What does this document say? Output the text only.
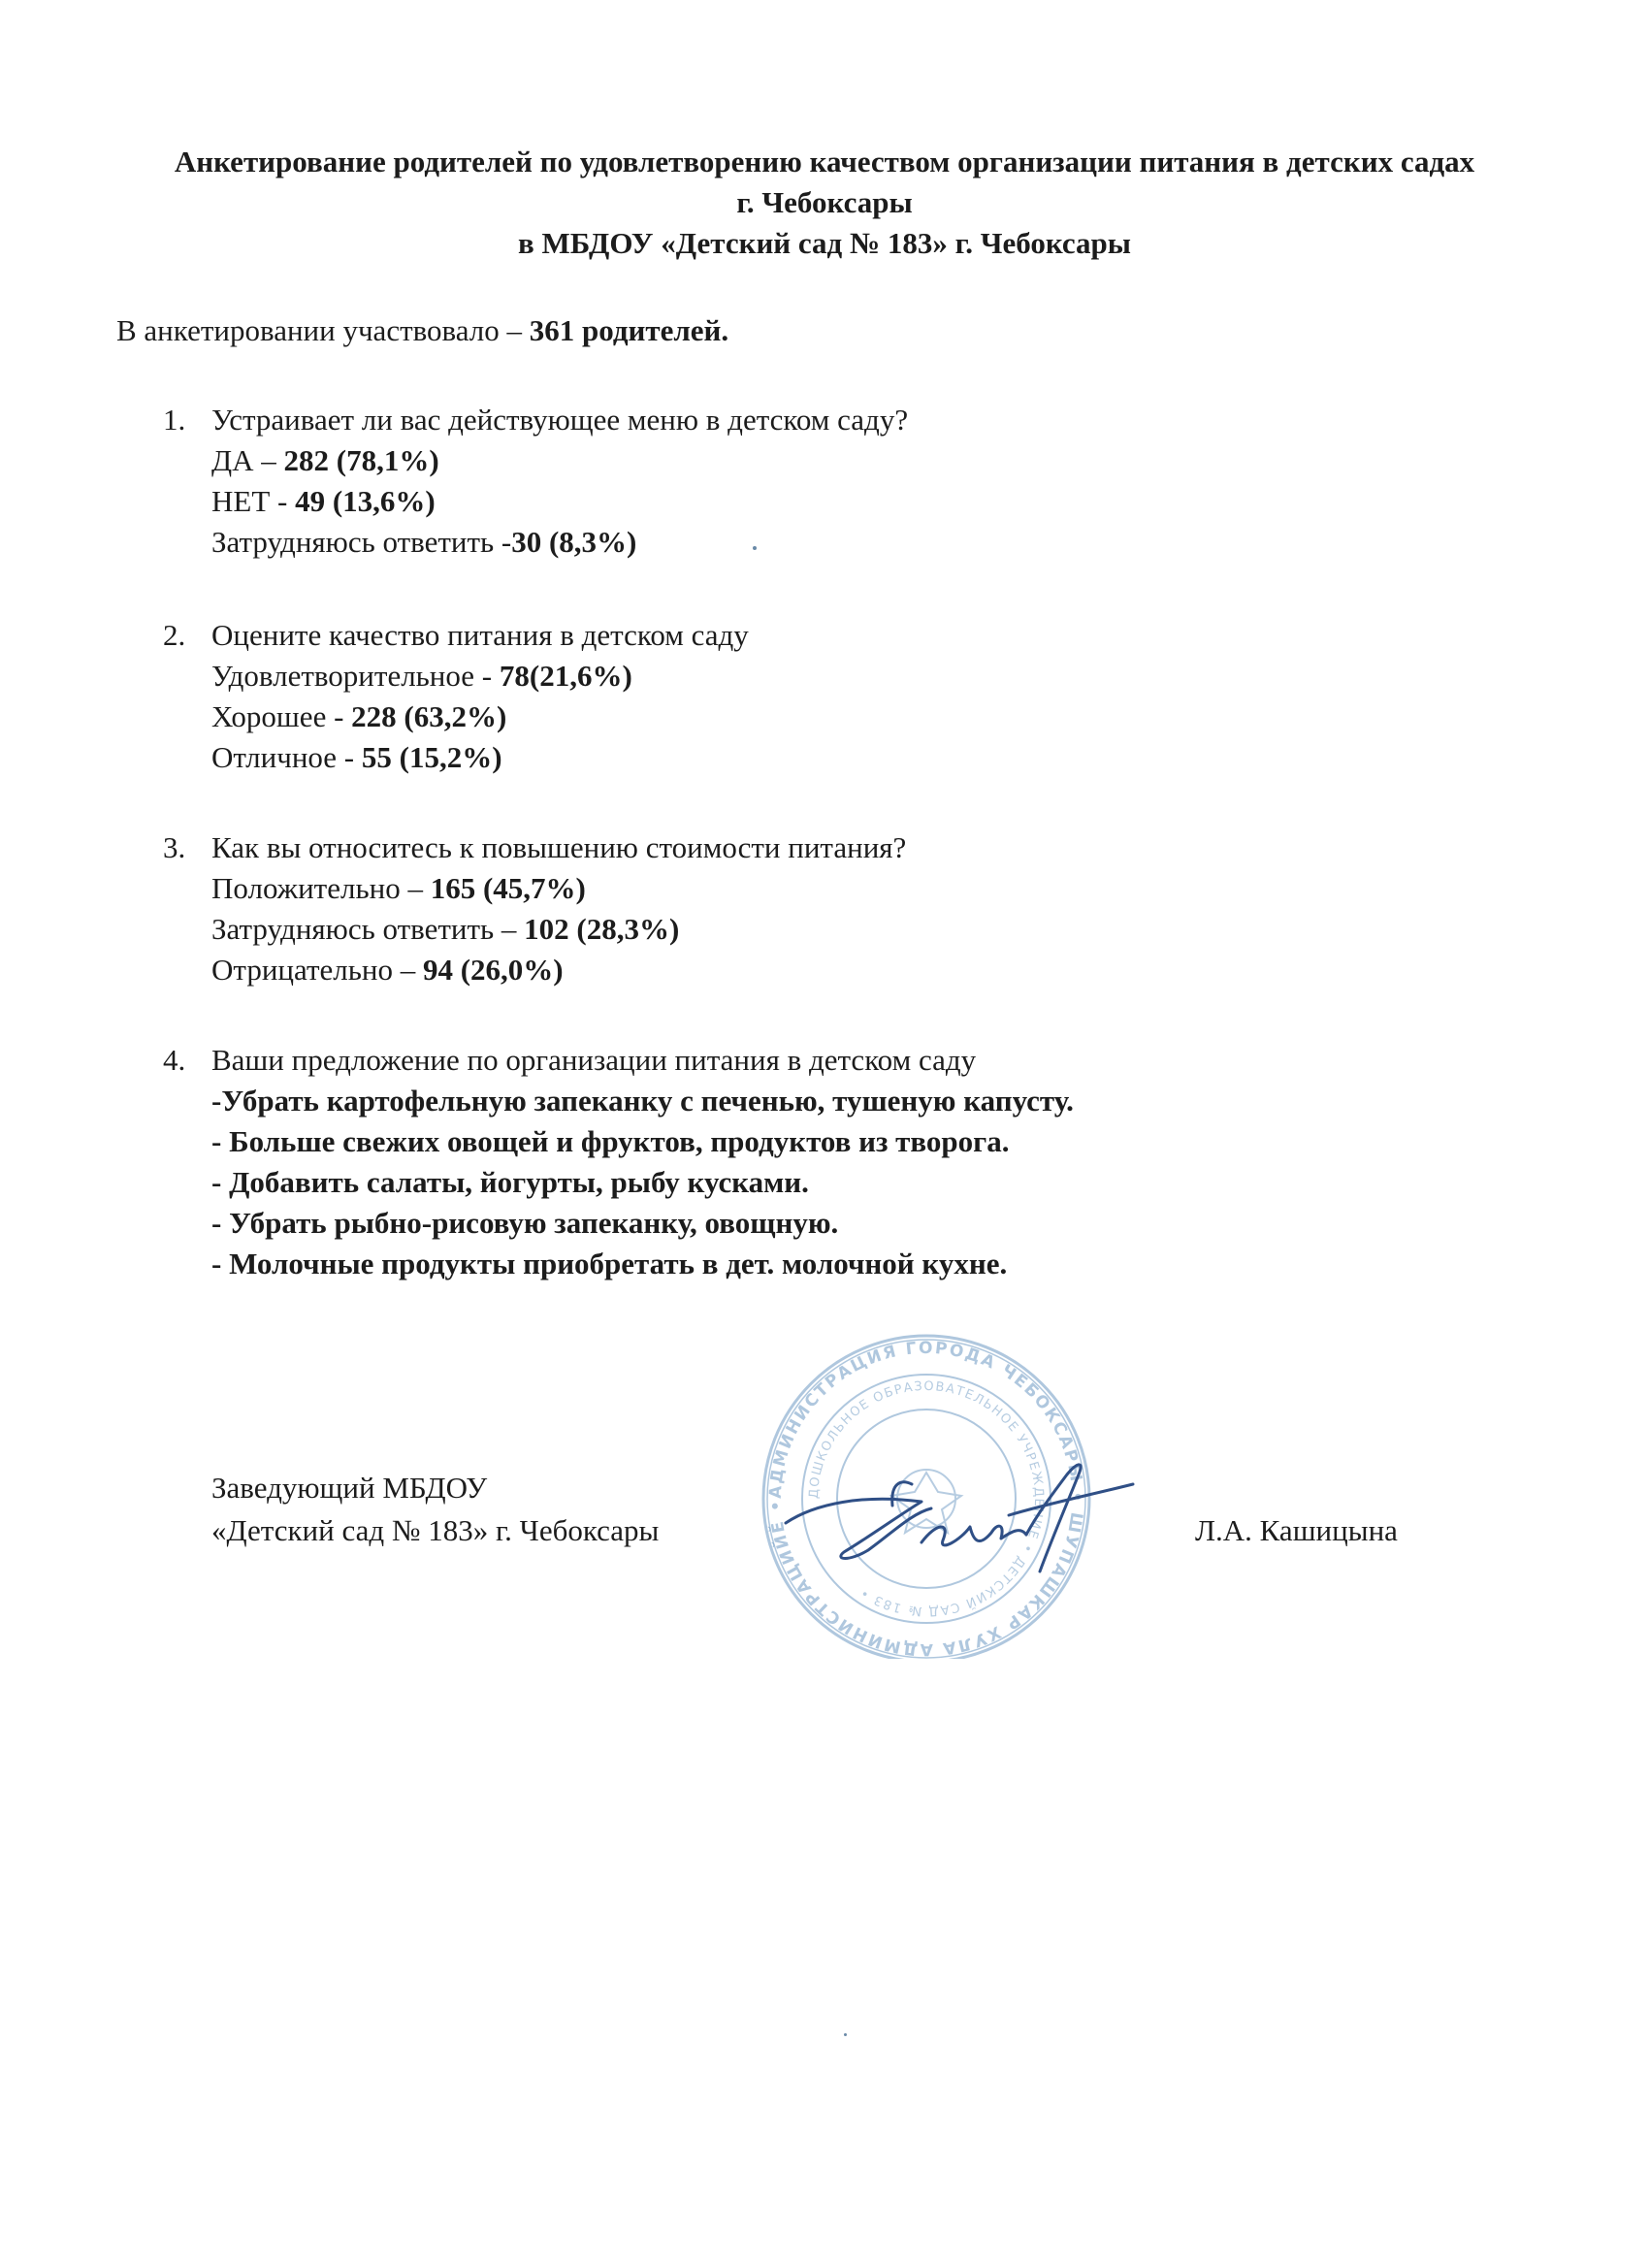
Анкетирование родителей по удовлетворению качеством организации питания в детских садах
г. Чебоксары
в МБДОУ «Детский сад № 183» г. Чебоксары
В анкетировании участвовало – 361 родителей.
1. Устраивает ли вас действующее меню в детском саду?
ДА – 282 (78,1%)
НЕТ - 49 (13,6%)
Затрудняюсь ответить -30 (8,3%)
2. Оцените качество питания в детском саду
Удовлетворительное - 78(21,6%)
Хорошее - 228 (63,2%)
Отличное - 55 (15,2%)
3. Как вы относитесь к повышению стоимости питания?
Положительно – 165 (45,7%)
Затрудняюсь ответить – 102 (28,3%)
Отрицательно – 94 (26,0%)
4. Ваши предложение по организации питания в детском саду
-Убрать картофельную запеканку с печенью, тушеную капусту.
- Больше свежих овощей и фруктов, продуктов из творога.
- Добавить салаты, йогурты, рыбу кусками.
- Убрать рыбно-рисовую запеканку, овощную.
- Молочные продукты приобретать в дет. молочной кухне.
Заведующий МБДОУ
«Детский сад № 183» г. Чебоксары	Л.А. Кашицына
АДМИНИСТРАЦИЯ ГОРОДА ЧЕБОКСАРЫ • ШУПАШКАР ХУЛА АДМИНИСТРАЦИЙĔ •
ДОШКОЛЬНОЕ ОБРАЗОВАТЕЛЬНОЕ УЧРЕЖДЕНИЕ • ДЕТСКИЙ САД № 183 •
